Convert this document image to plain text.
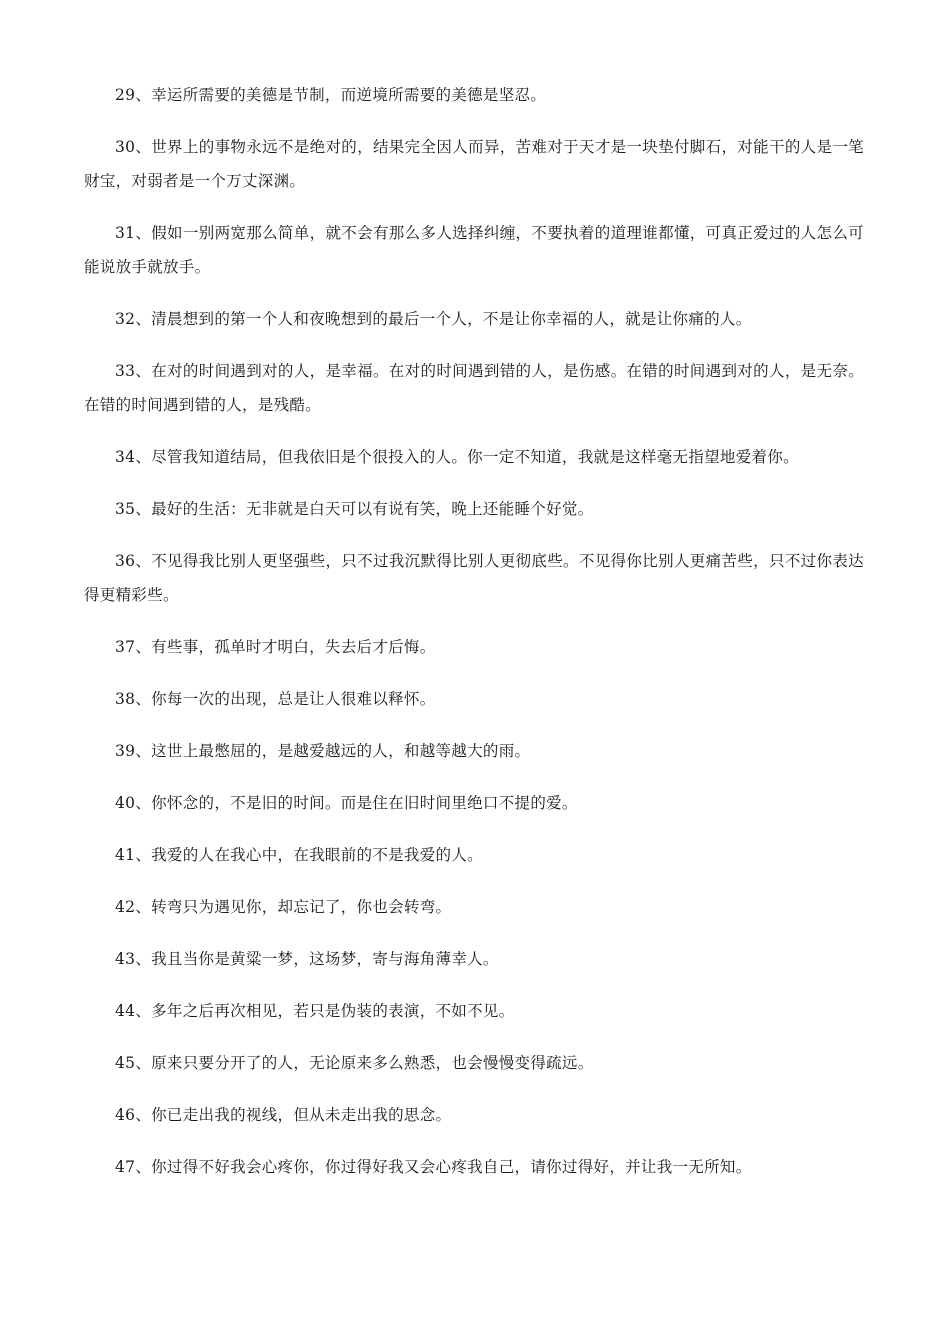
29、幸运所需要的美德是节制，而逆境所需要的美德是坚忍。

30、世界上的事物永远不是绝对的，结果完全因人而异，苦难对于天才是一块垫付脚石，对能干的人是一笔财宝，对弱者是一个万丈深渊。

31、假如一别两宽那么简单，就不会有那么多人选择纠缠，不要执着的道理谁都懂，可真正爱过的人怎么可能说放手就放手。

32、清晨想到的第一个人和夜晚想到的最后一个人，不是让你幸福的人，就是让你痛的人。

33、在对的时间遇到对的人，是幸福。在对的时间遇到错的人，是伤感。在错的时间遇到对的人，是无奈。在错的时间遇到错的人，是残酷。

34、尽管我知道结局，但我依旧是个很投入的人。你一定不知道，我就是这样毫无指望地爱着你。

35、最好的生活：无非就是白天可以有说有笑，晚上还能睡个好觉。

36、不见得我比别人更坚强些，只不过我沉默得比别人更彻底些。不见得你比别人更痛苦些，只不过你表达得更精彩些。

37、有些事，孤单时才明白，失去后才后悔。

38、你每一次的出现，总是让人很难以释怀。

39、这世上最憋屈的，是越爱越远的人，和越等越大的雨。

40、你怀念的，不是旧的时间。而是住在旧时间里绝口不提的爱。

41、我爱的人在我心中，在我眼前的不是我爱的人。

42、转弯只为遇见你，却忘记了，你也会转弯。

43、我且当你是黄粱一梦，这场梦，寄与海角薄幸人。

44、多年之后再次相见，若只是伪装的表演，不如不见。

45、原来只要分开了的人，无论原来多么熟悉，也会慢慢变得疏远。

46、你已走出我的视线，但从未走出我的思念。

47、你过得不好我会心疼你，你过得好我又会心疼我自己，请你过得好，并让我一无所知。
